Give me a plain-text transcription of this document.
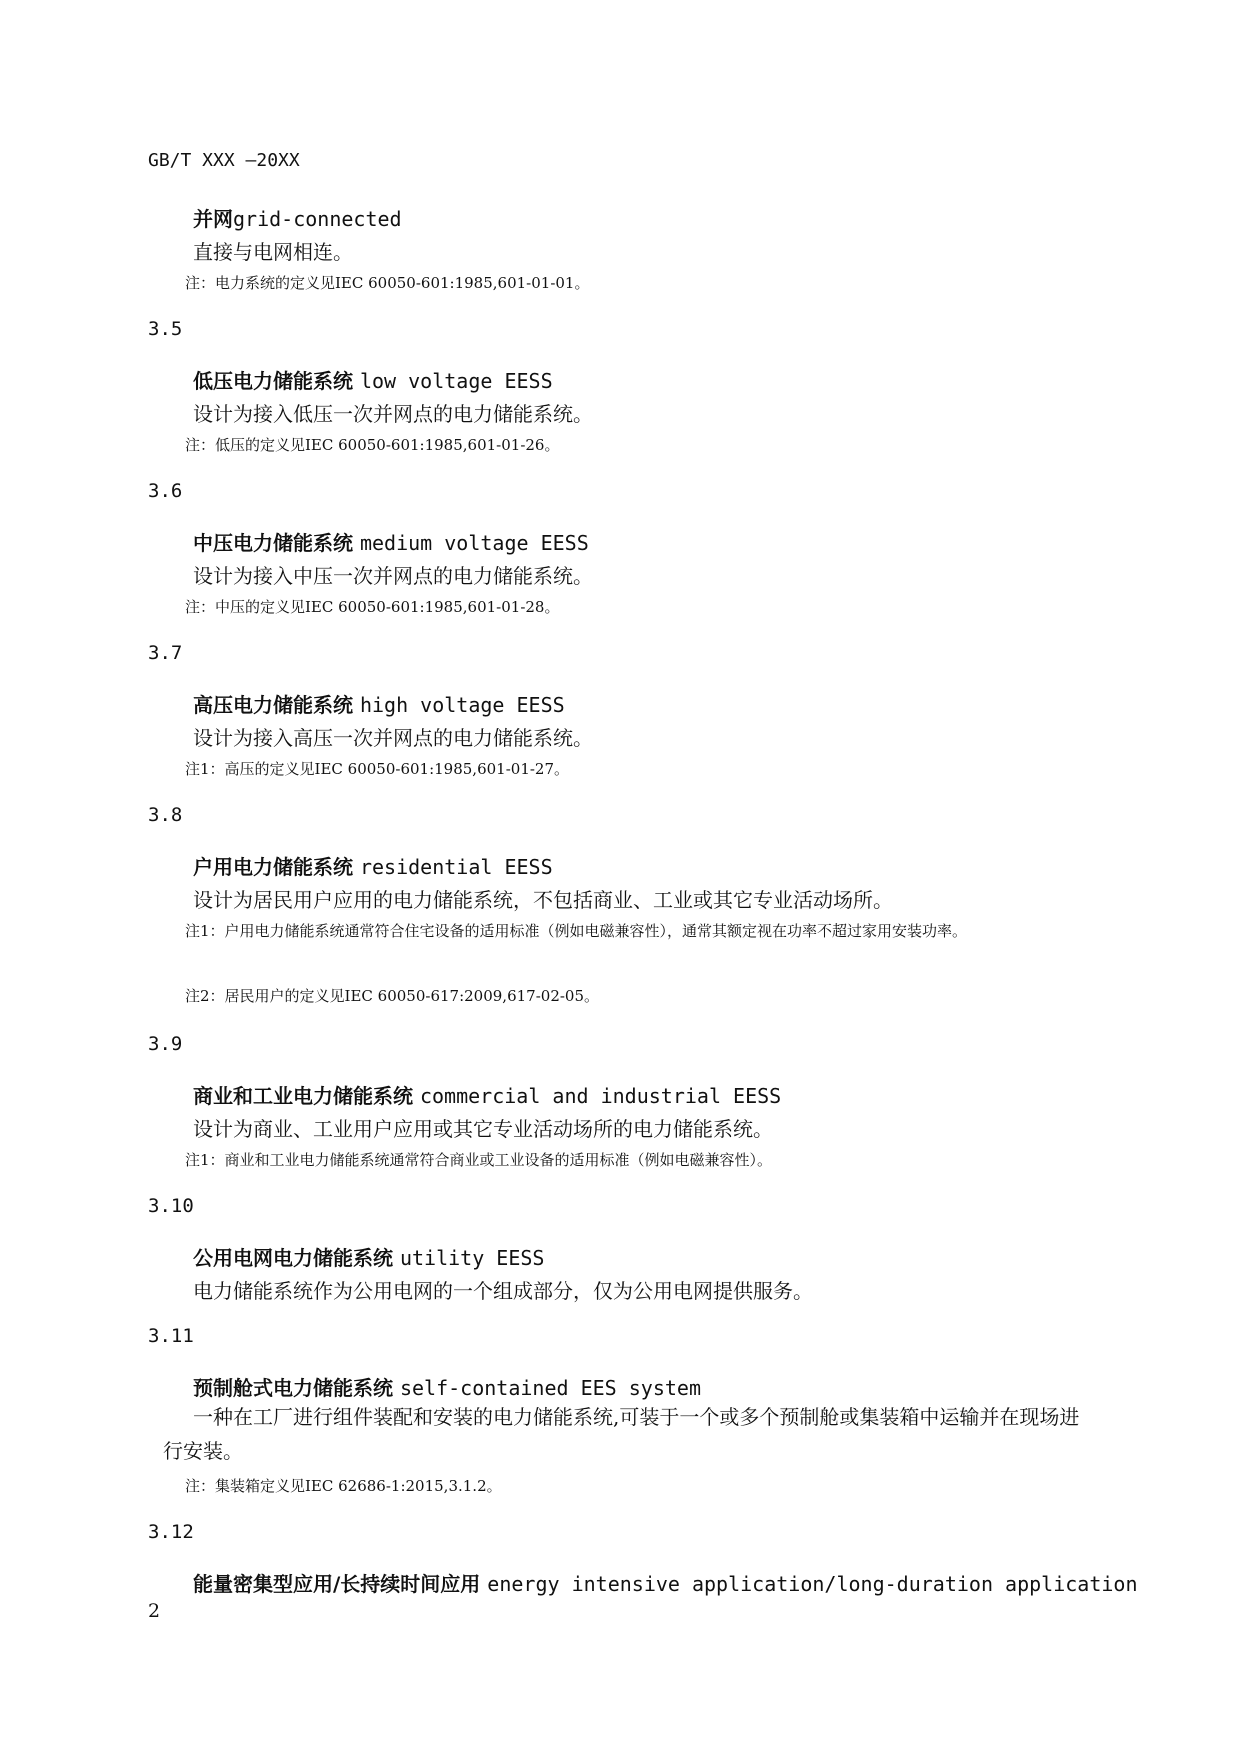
GB/T XXX —20XX
并网grid-connected
直接与电网相连。
注：电力系统的定义见IEC 60050-601:1985,601-01-01。
3.5
低压电力储能系统 low voltage EESS
设计为接入低压一次并网点的电力储能系统。
注：低压的定义见IEC 60050-601:1985,601-01-26。
3.6
中压电力储能系统 medium voltage EESS
设计为接入中压一次并网点的电力储能系统。
注：中压的定义见IEC 60050-601:1985,601-01-28。
3.7
高压电力储能系统 high voltage EESS
设计为接入高压一次并网点的电力储能系统。
注1：高压的定义见IEC 60050-601:1985,601-01-27。
3.8
户用电力储能系统 residential EESS
设计为居民用户应用的电力储能系统，不包括商业、工业或其它专业活动场所。
注1：户用电力储能系统通常符合住宅设备的适用标准（例如电磁兼容性），通常其额定视在功率不超过家用安装功率。
注2：居民用户的定义见IEC 60050-617:2009,617-02-05。
3.9
商业和工业电力储能系统 commercial and industrial EESS
设计为商业、工业用户应用或其它专业活动场所的电力储能系统。
注1：商业和工业电力储能系统通常符合商业或工业设备的适用标准（例如电磁兼容性）。
3.10
公用电网电力储能系统 utility EESS
电力储能系统作为公用电网的一个组成部分，仅为公用电网提供服务。
3.11
预制舱式电力储能系统 self-contained EES system
一种在工厂进行组件装配和安装的电力储能系统,可装于一个或多个预制舱或集装箱中运输并在现场进行安装。
注：集装箱定义见IEC 62686-1:2015,3.1.2。
3.12
能量密集型应用/长持续时间应用 energy intensive application/long-duration application
2
